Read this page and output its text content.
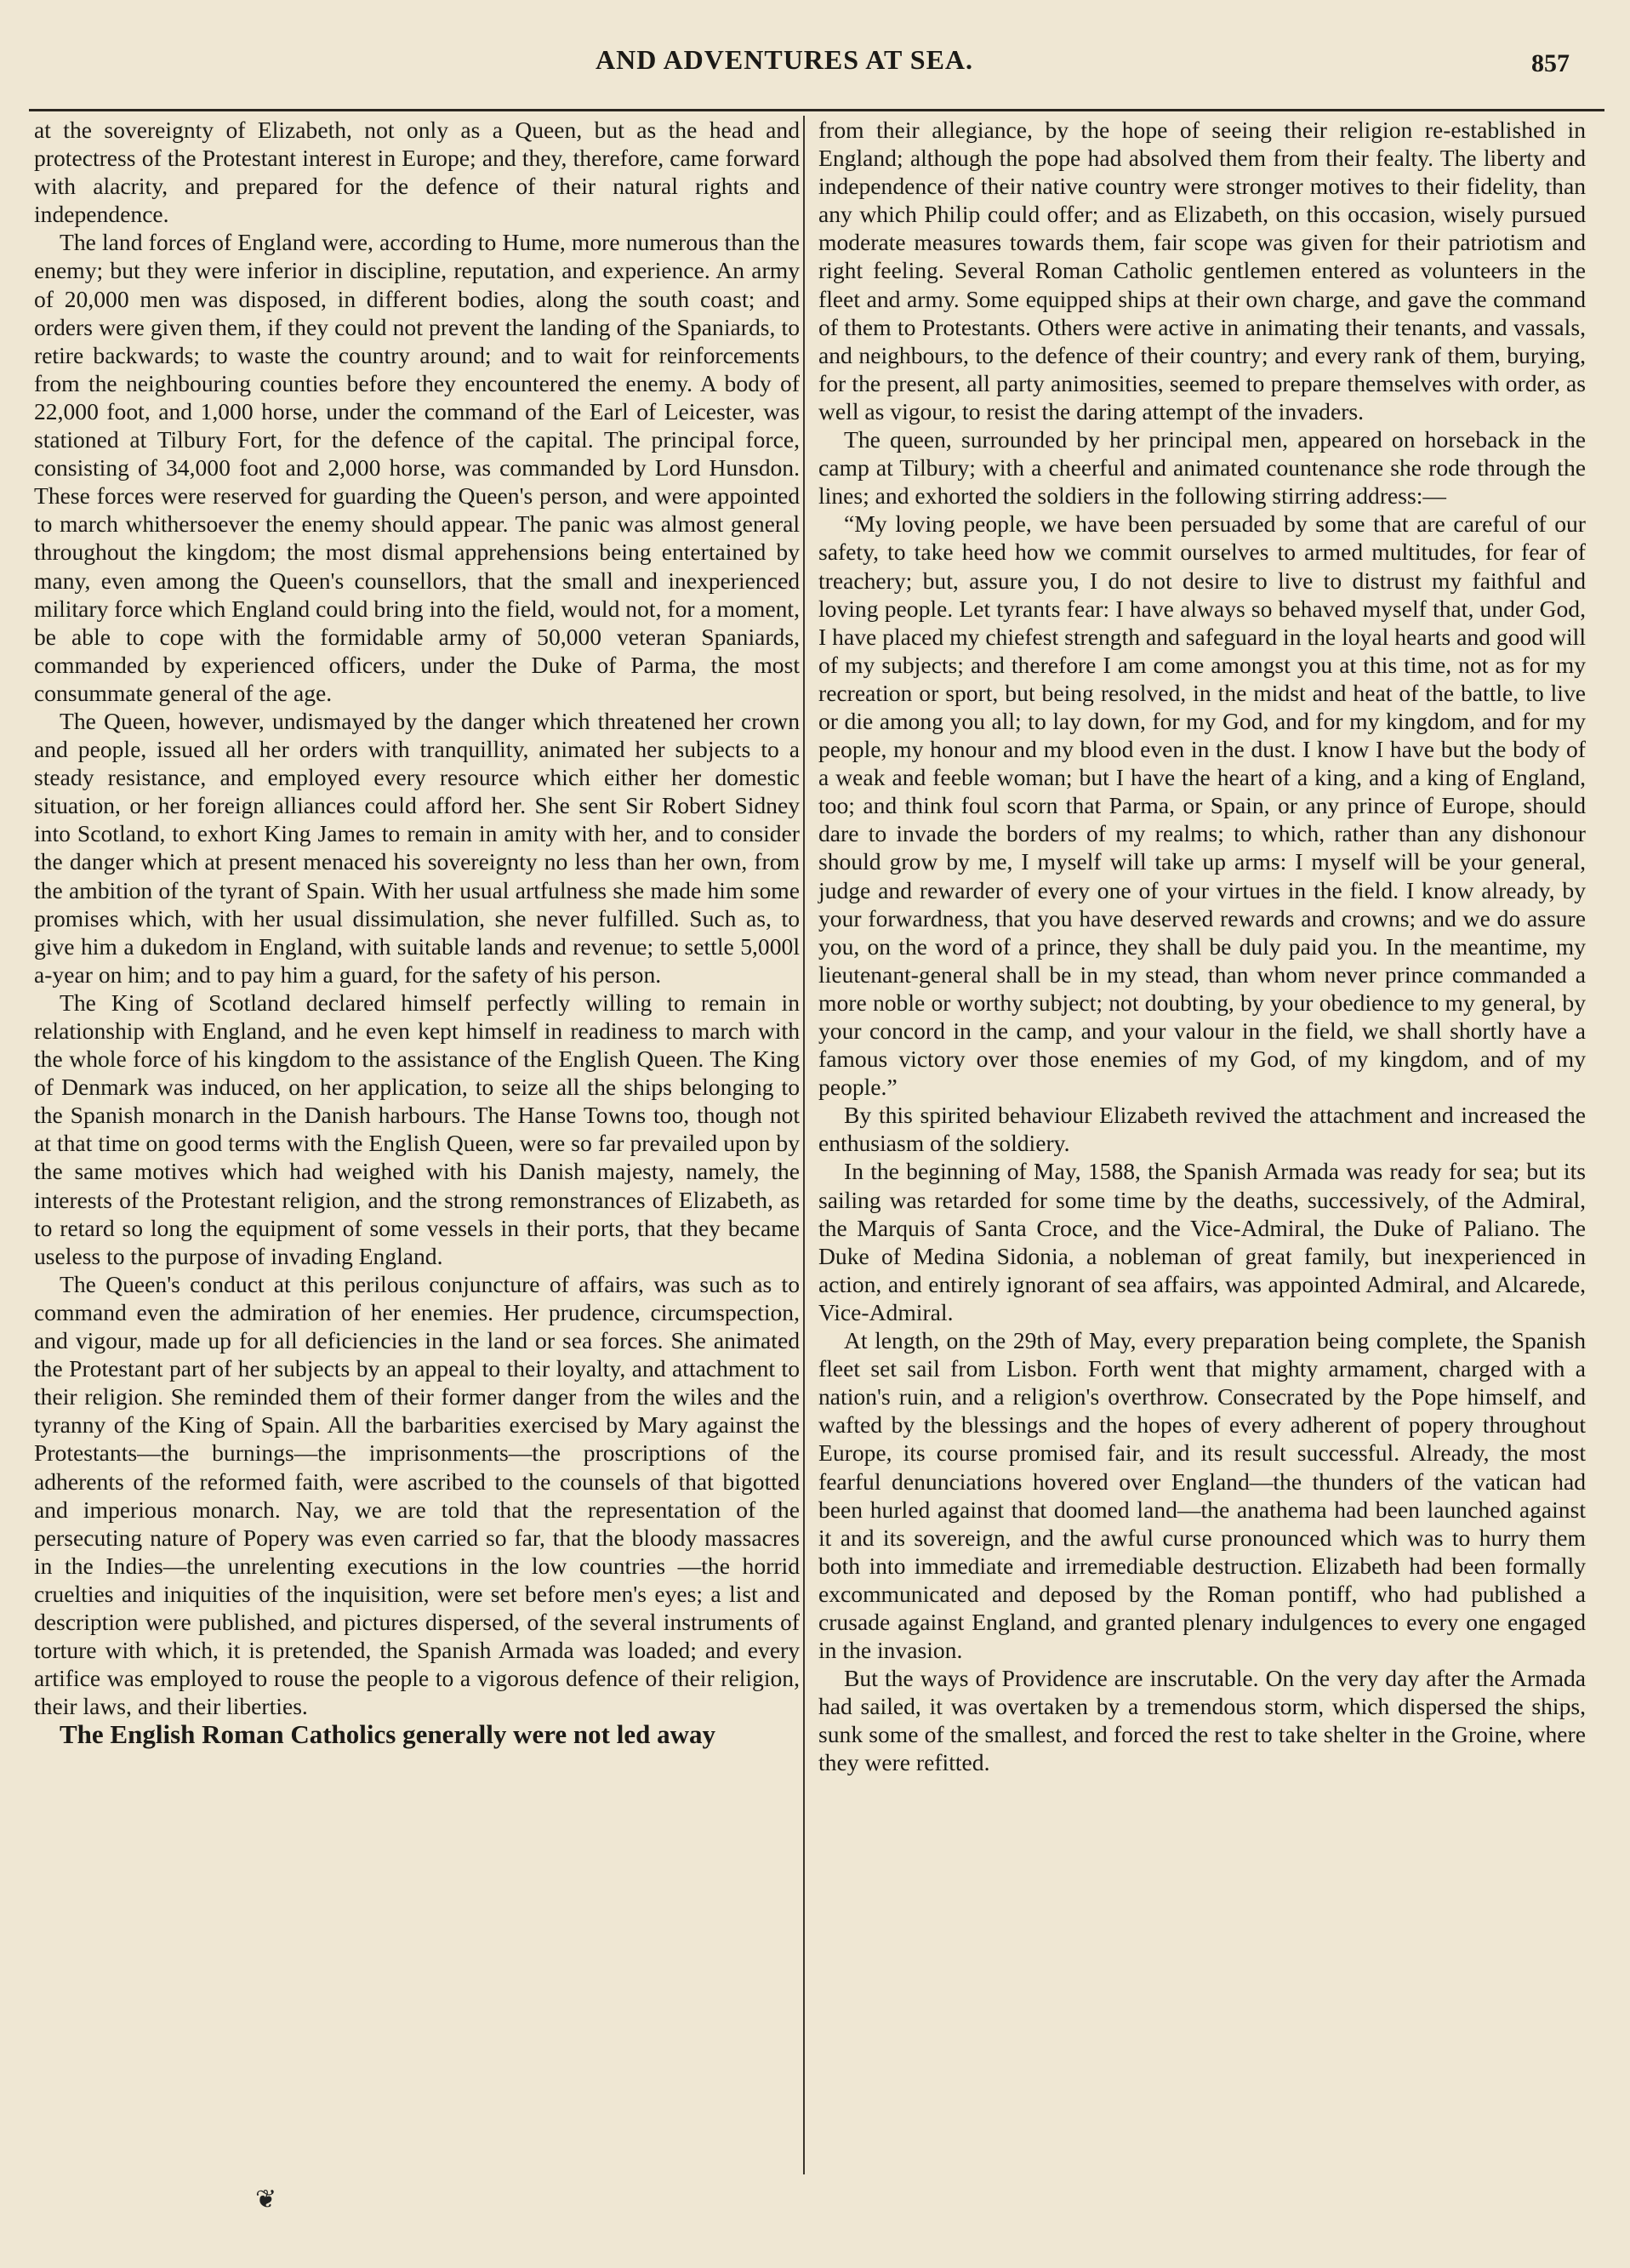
AND ADVENTURES AT SEA.	857

at the sovereignty of Elizabeth, not only as a Queen, but as the head and protectress of the Protestant interest in Europe; and they, therefore, came forward with alacrity, and prepared for the defence of their natural rights and independence.

The land forces of England were, according to Hume, more numerous than the enemy; but they were inferior in discipline, reputation, and experience. An army of 20,000 men was disposed, in different bodies, along the south coast; and orders were given them, if they could not prevent the landing of the Spaniards, to retire backwards; to waste the country around; and to wait for reinforcements from the neighbouring counties before they encountered the enemy. A body of 22,000 foot, and 1,000 horse, under the command of the Earl of Leicester, was stationed at Tilbury Fort, for the defence of the capital. The principal force, consisting of 34,000 foot and 2,000 horse, was commanded by Lord Hunsdon. These forces were reserved for guarding the Queen's person, and were appointed to march whithersoever the enemy should appear. The panic was almost general throughout the kingdom; the most dismal apprehensions being entertained by many, even among the Queen's counsellors, that the small and inexperienced military force which England could bring into the field, would not, for a moment, be able to cope with the formidable army of 50,000 veteran Spaniards, commanded by experienced officers, under the Duke of Parma, the most consummate general of the age.

The Queen, however, undismayed by the danger which threatened her crown and people, issued all her orders with tranquillity, animated her subjects to a steady resistance, and employed every resource which either her domestic situation, or her foreign alliances could afford her. She sent Sir Robert Sidney into Scotland, to exhort King James to remain in amity with her, and to consider the danger which at present menaced his sovereignty no less than her own, from the ambition of the tyrant of Spain. With her usual artfulness she made him some promises which, with her usual dissimulation, she never fulfilled. Such as, to give him a dukedom in England, with suitable lands and revenue; to settle 5,000l a-year on him; and to pay him a guard, for the safety of his person.

The King of Scotland declared himself perfectly willing to remain in relationship with England, and he even kept himself in readiness to march with the whole force of his kingdom to the assistance of the English Queen. The King of Denmark was induced, on her application, to seize all the ships belonging to the Spanish monarch in the Danish harbours. The Hanse Towns too, though not at that time on good terms with the English Queen, were so far prevailed upon by the same motives which had weighed with his Danish majesty, namely, the interests of the Protestant religion, and the strong remonstrances of Elizabeth, as to retard so long the equipment of some vessels in their ports, that they became useless to the purpose of invading England.

The Queen's conduct at this perilous conjuncture of affairs, was such as to command even the admiration of her enemies. Her prudence, circumspection, and vigour, made up for all deficiencies in the land or sea forces. She animated the Protestant part of her subjects by an appeal to their loyalty, and attachment to their religion. She reminded them of their former danger from the wiles and the tyranny of the King of Spain. All the barbarities exercised by Mary against the Protestants—the burnings—the imprisonments—the proscriptions of the adherents of the reformed faith, were ascribed to the counsels of that bigotted and imperious monarch. Nay, we are told that the representation of the persecuting nature of Popery was even carried so far, that the bloody massacres in the Indies—the unrelenting executions in the low countries —the horrid cruelties and iniquities of the inquisition, were set before men's eyes; a list and description were published, and pictures dispersed, of the several instruments of torture with which, it is pretended, the Spanish Armada was loaded; and every artifice was employed to rouse the people to a vigorous defence of their religion, their laws, and their liberties.

The English Roman Catholics generally were not led away

from their allegiance, by the hope of seeing their religion re-established in England; although the pope had absolved them from their fealty. The liberty and independence of their native country were stronger motives to their fidelity, than any which Philip could offer; and as Elizabeth, on this occasion, wisely pursued moderate measures towards them, fair scope was given for their patriotism and right feeling. Several Roman Catholic gentlemen entered as volunteers in the fleet and army. Some equipped ships at their own charge, and gave the command of them to Protestants. Others were active in animating their tenants, and vassals, and neighbours, to the defence of their country; and every rank of them, burying, for the present, all party animosities, seemed to prepare themselves with order, as well as vigour, to resist the daring attempt of the invaders.

The queen, surrounded by her principal men, appeared on horseback in the camp at Tilbury; with a cheerful and animated countenance she rode through the lines; and exhorted the soldiers in the following stirring address:—

“My loving people, we have been persuaded by some that are careful of our safety, to take heed how we commit ourselves to armed multitudes, for fear of treachery; but, assure you, I do not desire to live to distrust my faithful and loving people. Let tyrants fear: I have always so behaved myself that, under God, I have placed my chiefest strength and safeguard in the loyal hearts and good will of my subjects; and therefore I am come amongst you at this time, not as for my recreation or sport, but being resolved, in the midst and heat of the battle, to live or die among you all; to lay down, for my God, and for my kingdom, and for my people, my honour and my blood even in the dust. I know I have but the body of a weak and feeble woman; but I have the heart of a king, and a king of England, too; and think foul scorn that Parma, or Spain, or any prince of Europe, should dare to invade the borders of my realms; to which, rather than any dishonour should grow by me, I myself will take up arms: I myself will be your general, judge and rewarder of every one of your virtues in the field. I know already, by your forwardness, that you have deserved rewards and crowns; and we do assure you, on the word of a prince, they shall be duly paid you. In the meantime, my lieutenant-general shall be in my stead, than whom never prince commanded a more noble or worthy subject; not doubting, by your obedience to my general, by your concord in the camp, and your valour in the field, we shall shortly have a famous victory over those enemies of my God, of my kingdom, and of my people.”

By this spirited behaviour Elizabeth revived the attachment and increased the enthusiasm of the soldiery.

In the beginning of May, 1588, the Spanish Armada was ready for sea; but its sailing was retarded for some time by the deaths, successively, of the Admiral, the Marquis of Santa Croce, and the Vice-Admiral, the Duke of Paliano. The Duke of Medina Sidonia, a nobleman of great family, but inexperienced in action, and entirely ignorant of sea affairs, was appointed Admiral, and Alcarede, Vice-Admiral.

At length, on the 29th of May, every preparation being complete, the Spanish fleet set sail from Lisbon. Forth went that mighty armament, charged with a nation's ruin, and a religion's overthrow. Consecrated by the Pope himself, and wafted by the blessings and the hopes of every adherent of popery throughout Europe, its course promised fair, and its result successful. Already, the most fearful denunciations hovered over England—the thunders of the vatican had been hurled against that doomed land—the anathema had been launched against it and its sovereign, and the awful curse pronounced which was to hurry them both into immediate and irremediable destruction. Elizabeth had been formally excommunicated and deposed by the Roman pontiff, who had published a crusade against England, and granted plenary indulgences to every one engaged in the invasion.

But the ways of Providence are inscrutable. On the very day after the Armada had sailed, it was overtaken by a tremendous storm, which dispersed the ships, sunk some of the smallest, and forced the rest to take shelter in the Groine, where they were refitted.

❦
